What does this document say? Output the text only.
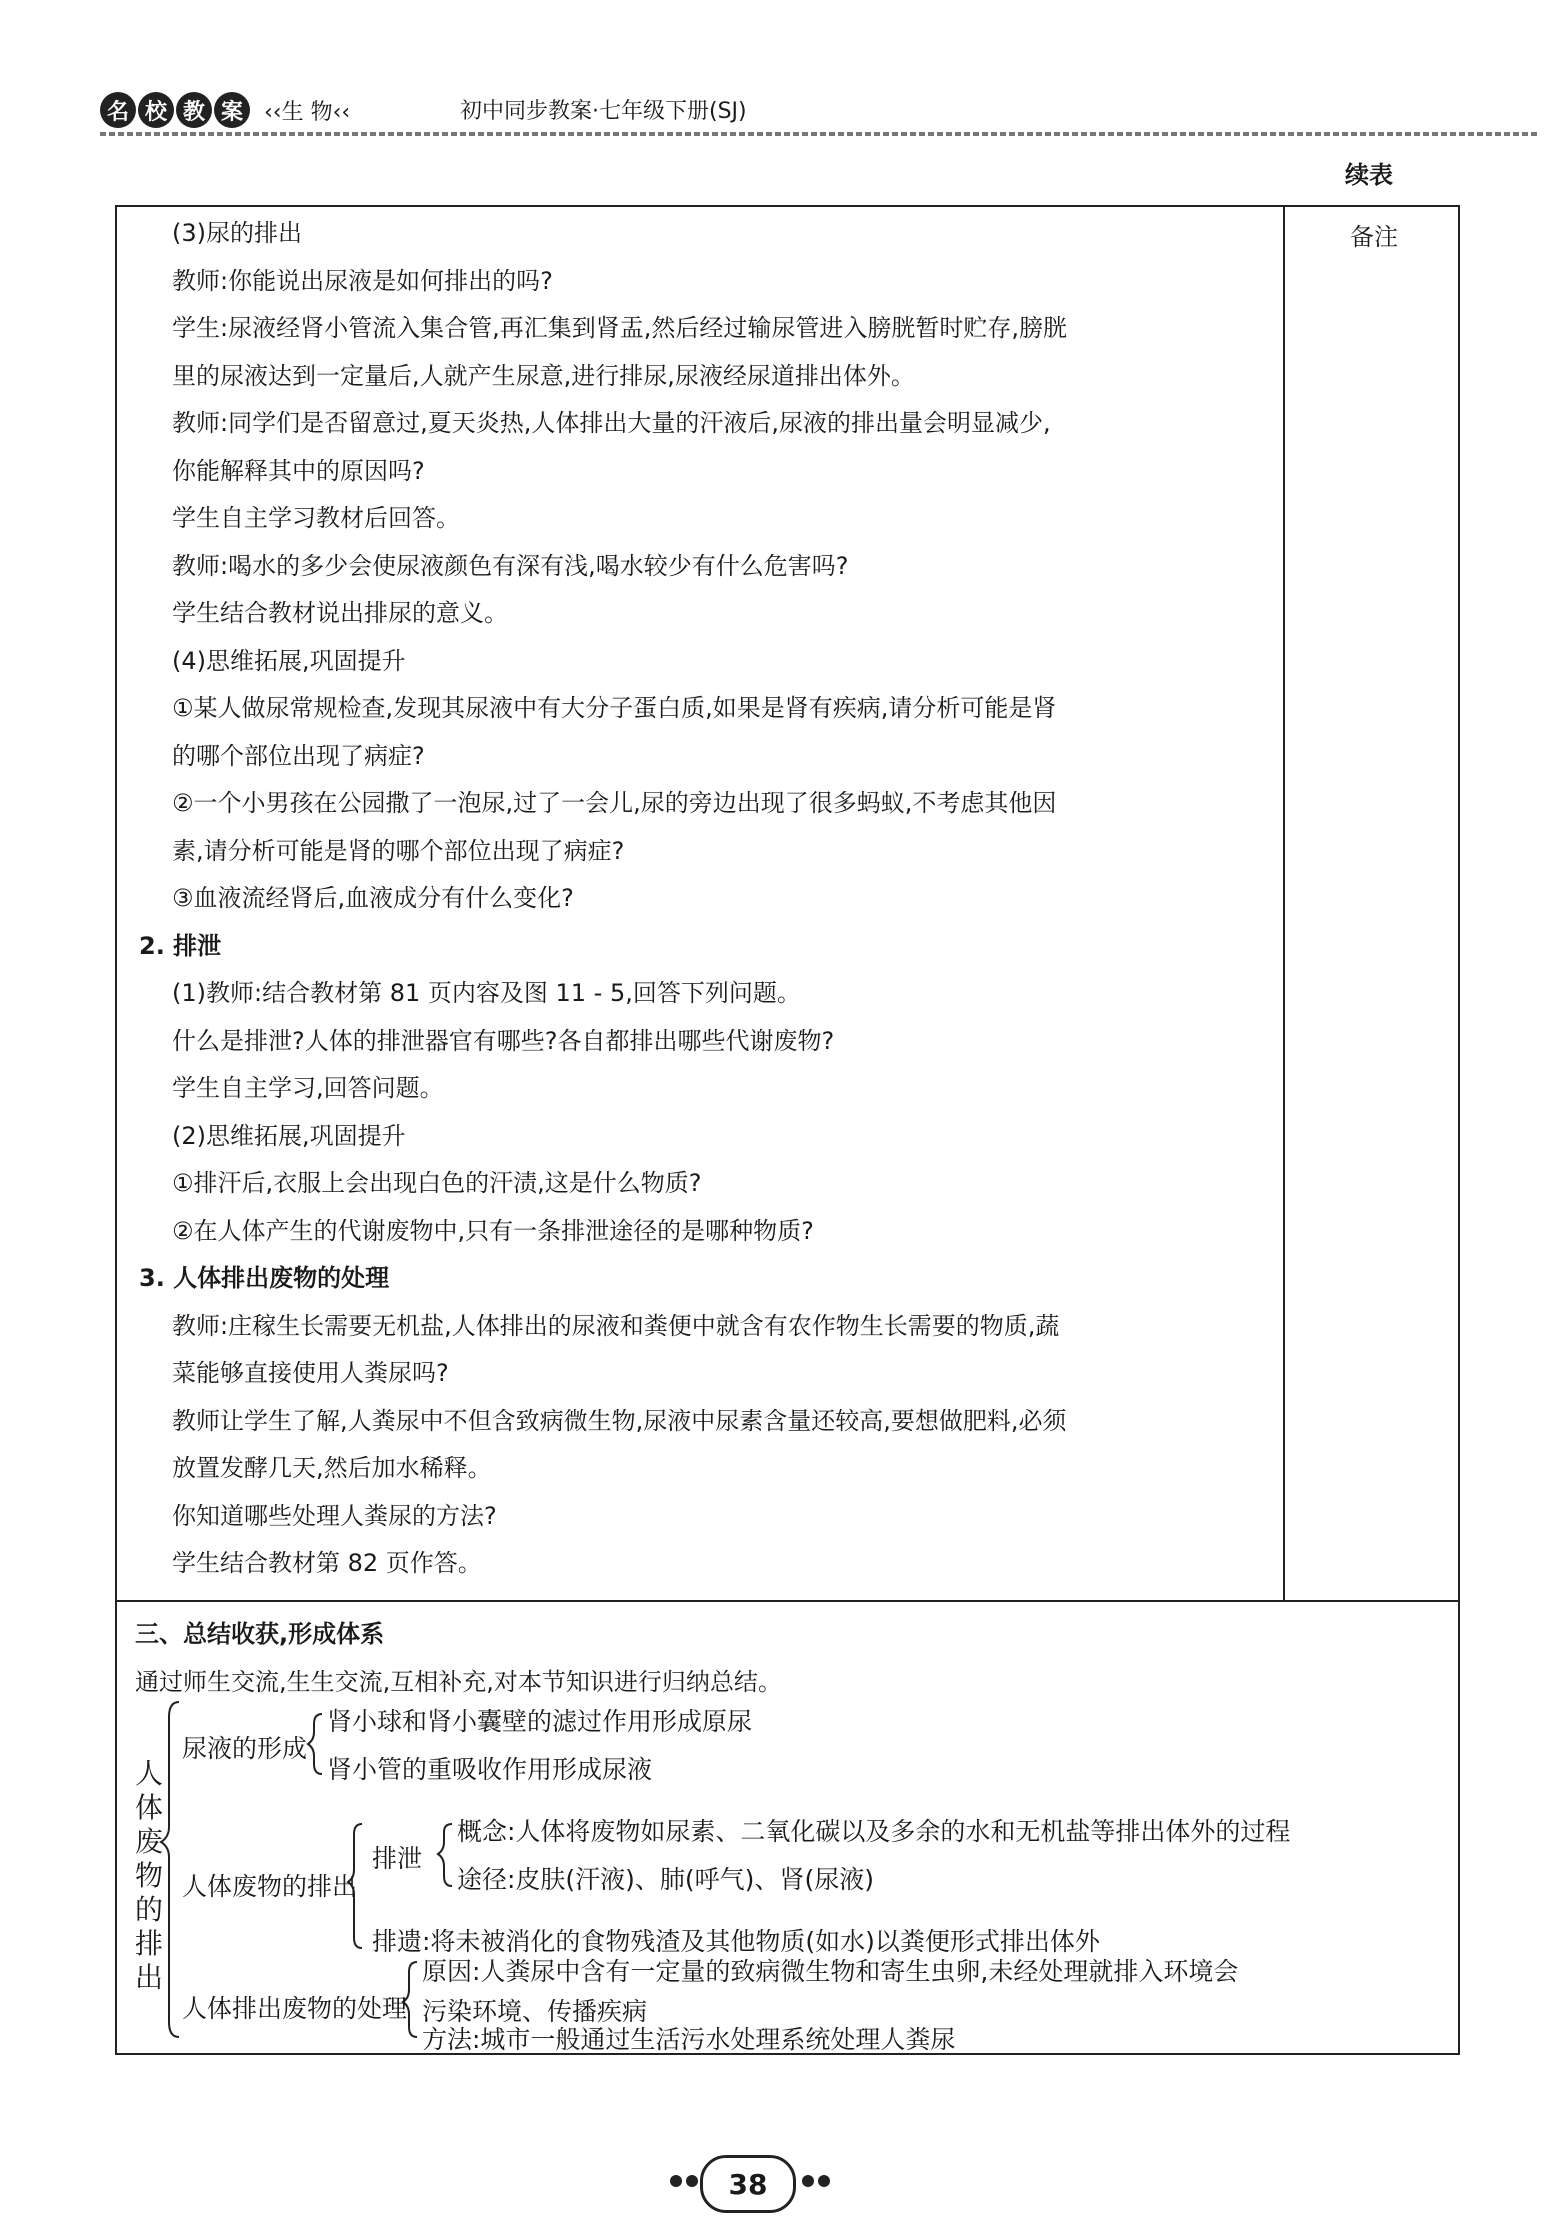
名 校 教 案 ‹‹生 物‹‹	初中同步教案·七年级下册(SJ)
续表
(3)尿的排出
教师:你能说出尿液是如何排出的吗?
学生:尿液经肾小管流入集合管,再汇集到肾盂,然后经过输尿管进入膀胱暂时贮存,膀胱
里的尿液达到一定量后,人就产生尿意,进行排尿,尿液经尿道排出体外。
教师:同学们是否留意过,夏天炎热,人体排出大量的汗液后,尿液的排出量会明显减少,
你能解释其中的原因吗?
学生自主学习教材后回答。
教师:喝水的多少会使尿液颜色有深有浅,喝水较少有什么危害吗?
学生结合教材说出排尿的意义。
(4)思维拓展,巩固提升
①某人做尿常规检查,发现其尿液中有大分子蛋白质,如果是肾有疾病,请分析可能是肾
的哪个部位出现了病症?
②一个小男孩在公园撒了一泡尿,过了一会儿,尿的旁边出现了很多蚂蚁,不考虑其他因
素,请分析可能是肾的哪个部位出现了病症?
③血液流经肾后,血液成分有什么变化?
2. 排泄
(1)教师:结合教材第 81 页内容及图 11 - 5,回答下列问题。
什么是排泄?人体的排泄器官有哪些?各自都排出哪些代谢废物?
学生自主学习,回答问题。
(2)思维拓展,巩固提升
①排汗后,衣服上会出现白色的汗渍,这是什么物质?
②在人体产生的代谢废物中,只有一条排泄途径的是哪种物质?
3. 人体排出废物的处理
教师:庄稼生长需要无机盐,人体排出的尿液和粪便中就含有农作物生长需要的物质,蔬
菜能够直接使用人粪尿吗?
教师让学生了解,人粪尿中不但含致病微生物,尿液中尿素含量还较高,要想做肥料,必须
放置发酵几天,然后加水稀释。
你知道哪些处理人粪尿的方法?
学生结合教材第 82 页作答。
备注
三、总结收获,形成体系
通过师生交流,生生交流,互相补充,对本节知识进行归纳总结。
人体废物的排出
尿液的形成
肾小球和肾小囊壁的滤过作用形成原尿
肾小管的重吸收作用形成尿液
人体废物的排出
排泄
概念:人体将废物如尿素、二氧化碳以及多余的水和无机盐等排出体外的过程
途径:皮肤(汗液)、肺(呼气)、肾(尿液)
排遗:将未被消化的食物残渣及其他物质(如水)以粪便形式排出体外
人体排出废物的处理
原因:人粪尿中含有一定量的致病微生物和寄生虫卵,未经处理就排入环境会
污染环境、传播疾病
方法:城市一般通过生活污水处理系统处理人粪尿
38
